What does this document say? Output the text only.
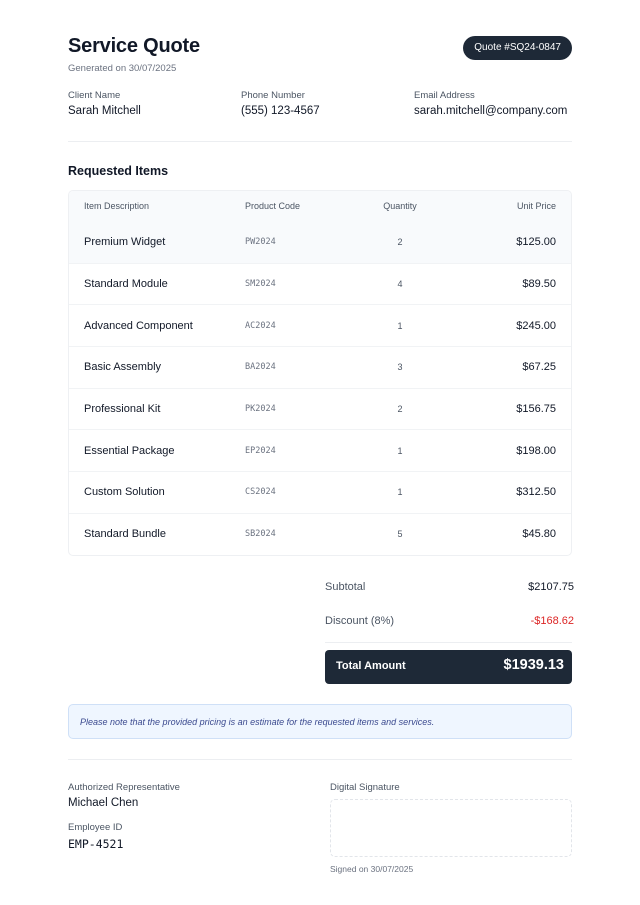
Service Quote
Generated on 30/07/2025
Quote #SQ24-0847
Client Name
Sarah Mitchell
Phone Number
(555) 123-4567
Email Address
sarah.mitchell@company.com
Requested Items
Item Description	Product Code	Quantity	Unit Price
Premium Widget	PW2024	2	$125.00
Standard Module	SM2024	4	$89.50
Advanced Component	AC2024	1	$245.00
Basic Assembly	BA2024	3	$67.25
Professional Kit	PK2024	2	$156.75
Essential Package	EP2024	1	$198.00
Custom Solution	CS2024	1	$312.50
Standard Bundle	SB2024	5	$45.80
Subtotal	$2107.75
Discount (8%)	-$168.62
Total Amount	$1939.13
Please note that the provided pricing is an estimate for the requested items and services.
Authorized Representative
Michael Chen
Employee ID
EMP-4521
Digital Signature
Signed on 30/07/2025
